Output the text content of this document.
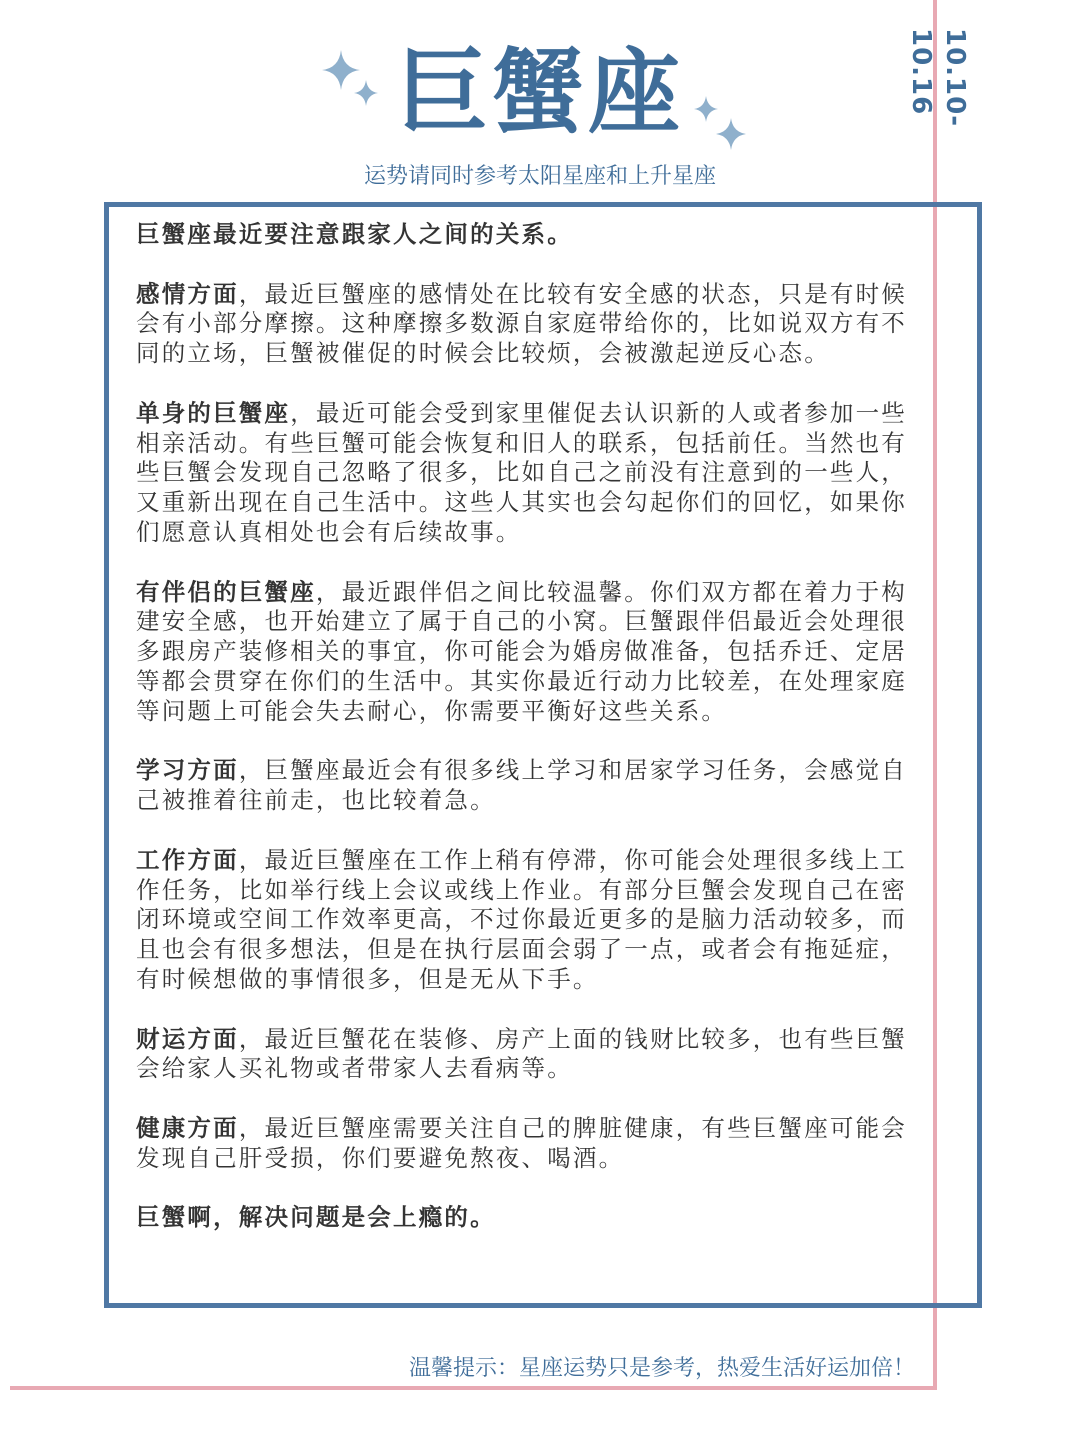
10.10-10.16
巨蟹座
运势请同时参考太阳星座和上升星座

巨蟹座最近要注意跟家人之间的关系。

感情方面，最近巨蟹座的感情处在比较有安全感的状态，只是有时候会有小部分摩擦。这种摩擦多数源自家庭带给你的，比如说双方有不同的立场，巨蟹被催促的时候会比较烦，会被激起逆反心态。

单身的巨蟹座，最近可能会受到家里催促去认识新的人或者参加一些相亲活动。有些巨蟹可能会恢复和旧人的联系，包括前任。当然也有些巨蟹会发现自己忽略了很多，比如自己之前没有注意到的一些人，又重新出现在自己生活中。这些人其实也会勾起你们的回忆，如果你们愿意认真相处也会有后续故事。

有伴侣的巨蟹座，最近跟伴侣之间比较温馨。你们双方都在着力于构建安全感，也开始建立了属于自己的小窝。巨蟹跟伴侣最近会处理很多跟房产装修相关的事宜，你可能会为婚房做准备，包括乔迁、定居等都会贯穿在你们的生活中。其实你最近行动力比较差，在处理家庭等问题上可能会失去耐心，你需要平衡好这些关系。

学习方面，巨蟹座最近会有很多线上学习和居家学习任务，会感觉自己被推着往前走，也比较着急。

工作方面，最近巨蟹座在工作上稍有停滞，你可能会处理很多线上工作任务，比如举行线上会议或线上作业。有部分巨蟹会发现自己在密闭环境或空间工作效率更高，不过你最近更多的是脑力活动较多，而且也会有很多想法，但是在执行层面会弱了一点，或者会有拖延症，有时候想做的事情很多，但是无从下手。

财运方面，最近巨蟹花在装修、房产上面的钱财比较多，也有些巨蟹会给家人买礼物或者带家人去看病等。

健康方面，最近巨蟹座需要关注自己的脾脏健康，有些巨蟹座可能会发现自己肝受损，你们要避免熬夜、喝酒。

巨蟹啊，解决问题是会上瘾的。

温馨提示：星座运势只是参考，热爱生活好运加倍！
